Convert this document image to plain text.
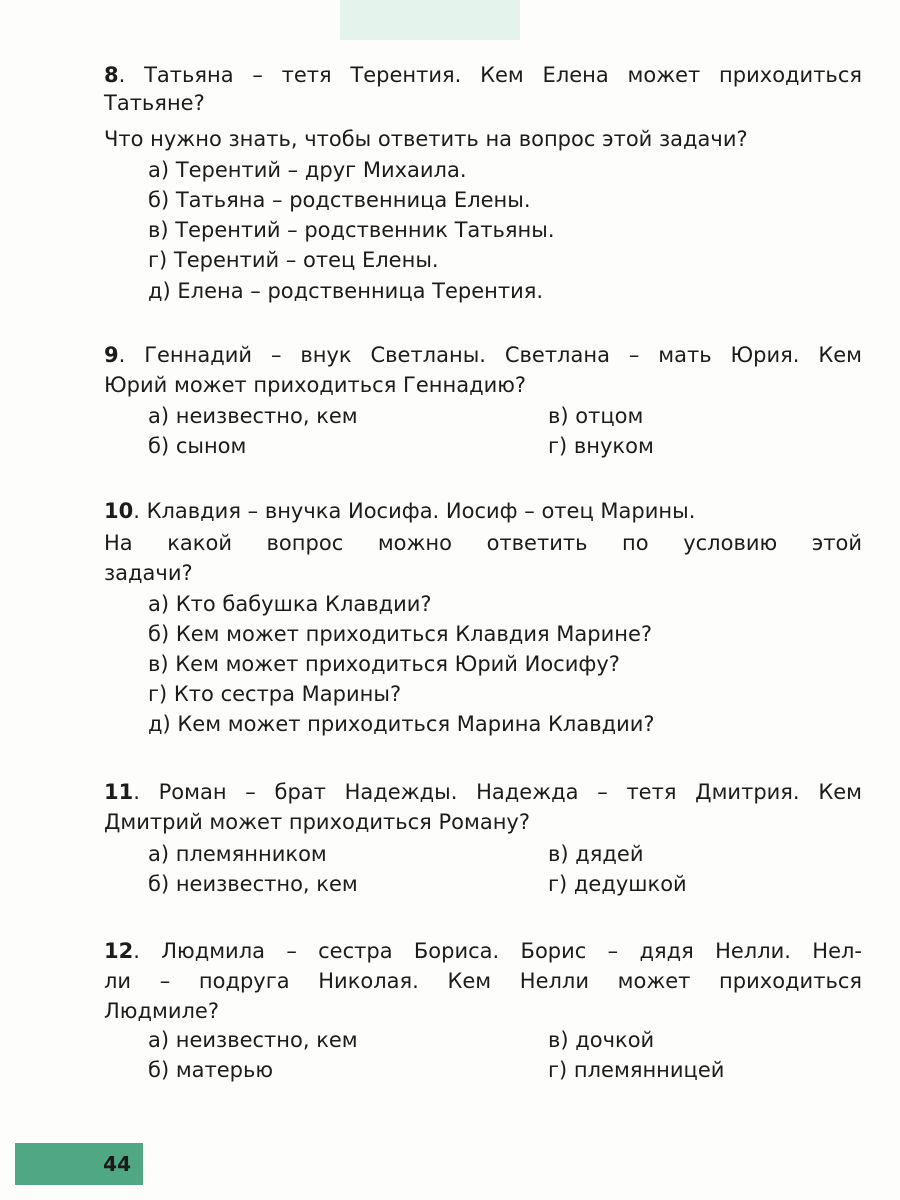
8. Татьяна – тетя Терентия. Кем Елена может приходиться
Татьяне?
Что нужно знать, чтобы ответить на вопрос этой задачи?
а) Терентий – друг Михаила.
б) Татьяна – родственница Елены.
в) Терентий – родственник Татьяны.
г) Терентий – отец Елены.
д) Елена – родственница Терентия.
9. Геннадий – внук Светланы. Светлана – мать Юрия. Кем
Юрий может приходиться Геннадию?
а) неизвестно, кем	в) отцом
б) сыном	г) внуком
10. Клавдия – внучка Иосифа. Иосиф – отец Марины.
На какой вопрос можно ответить по условию этой
задачи?
а) Кто бабушка Клавдии?
б) Кем может приходиться Клавдия Марине?
в) Кем может приходиться Юрий Иосифу?
г) Кто сестра Марины?
д) Кем может приходиться Марина Клавдии?
11. Роман – брат Надежды. Надежда – тетя Дмитрия. Кем
Дмитрий может приходиться Роману?
а) племянником	в) дядей
б) неизвестно, кем	г) дедушкой
12. Людмила – сестра Бориса. Борис – дядя Нелли. Нел-
ли – подруга Николая. Кем Нелли может приходиться
Людмиле?
а) неизвестно, кем	в) дочкой
б) матерью	г) племянницей
44
